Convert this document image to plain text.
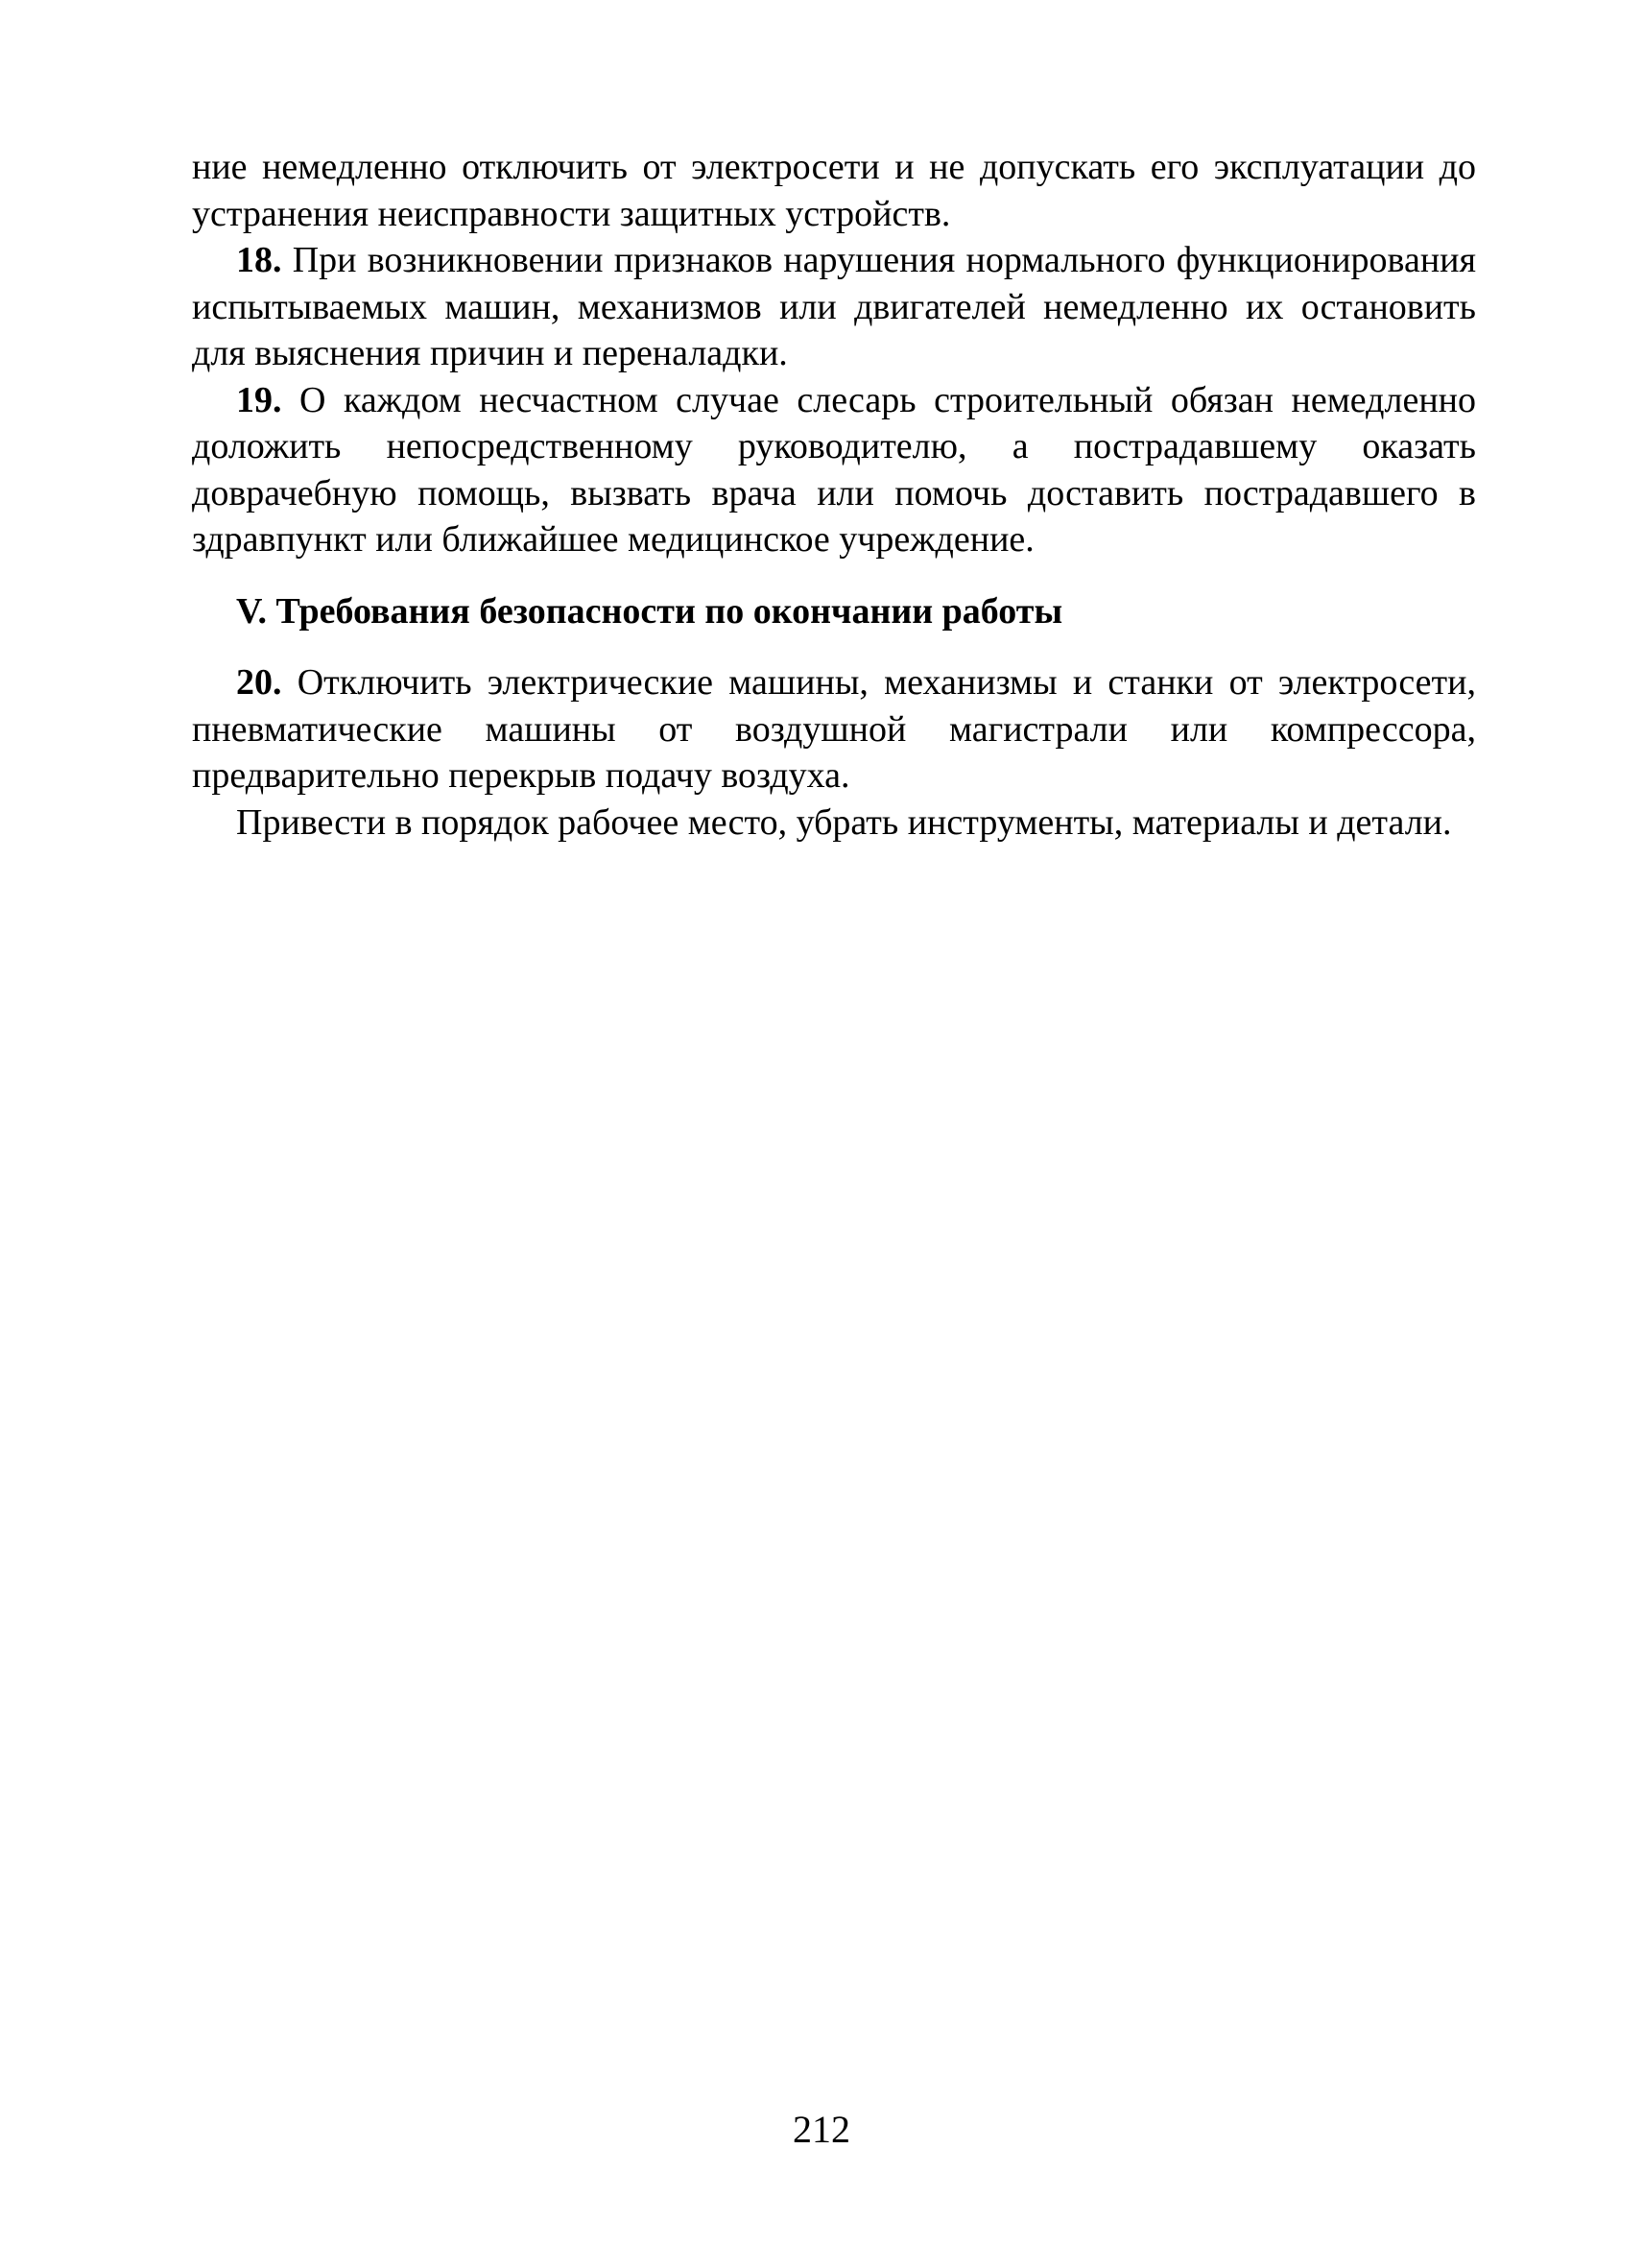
ние немедленно отключить от электросети и не допускать его эксплуатации до устранения неисправности защитных устройств.

18. При возникновении признаков нарушения нормального функционирования испытываемых машин, механизмов или двигателей немедленно их остановить для выяснения причин и переналадки.

19. О каждом несчастном случае слесарь строительный обязан немедленно доложить непосредственному руководителю, а пострадавшему оказать доврачебную помощь, вызвать врача или помочь доставить пострадавшего в здравпункт или ближайшее медицинское учреждение.

V. Требования безопасности по окончании работы

20. Отключить электрические машины, механизмы и станки от электросети, пневматические машины от воздушной магистрали или компрессора, предварительно перекрыв подачу воздуха.

Привести в порядок рабочее место, убрать инструменты, материалы и детали.

212
